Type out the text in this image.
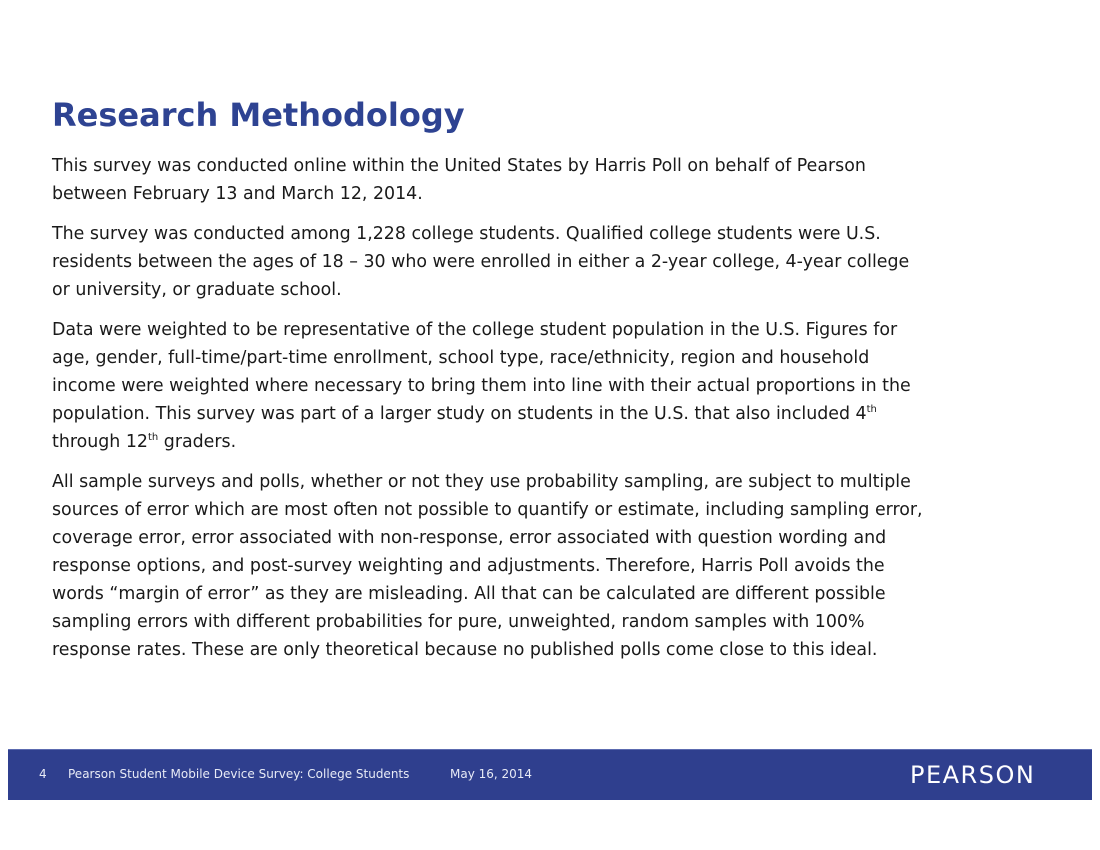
Research Methodology

This survey was conducted online within the United States by Harris Poll on behalf of Pearson
between February 13 and March 12, 2014.

The survey was conducted among 1,228 college students. Qualified college students were U.S.
residents between the ages of 18 – 30 who were enrolled in either a 2-year college, 4-year college
or university, or graduate school.

Data were weighted to be representative of the college student population in the U.S. Figures for
age, gender, full-time/part-time enrollment, school type, race/ethnicity, region and household
income were weighted where necessary to bring them into line with their actual proportions in the
population. This survey was part of a larger study on students in the U.S. that also included 4th
through 12th graders.

All sample surveys and polls, whether or not they use probability sampling, are subject to multiple
sources of error which are most often not possible to quantify or estimate, including sampling error,
coverage error, error associated with non-response, error associated with question wording and
response options, and post-survey weighting and adjustments. Therefore, Harris Poll avoids the
words “margin of error” as they are misleading. All that can be calculated are different possible
sampling errors with different probabilities for pure, unweighted, random samples with 100%
response rates. These are only theoretical because no published polls come close to this ideal.

4 Pearson Student Mobile Device Survey: College Students	May 16, 2014	PEARSON
